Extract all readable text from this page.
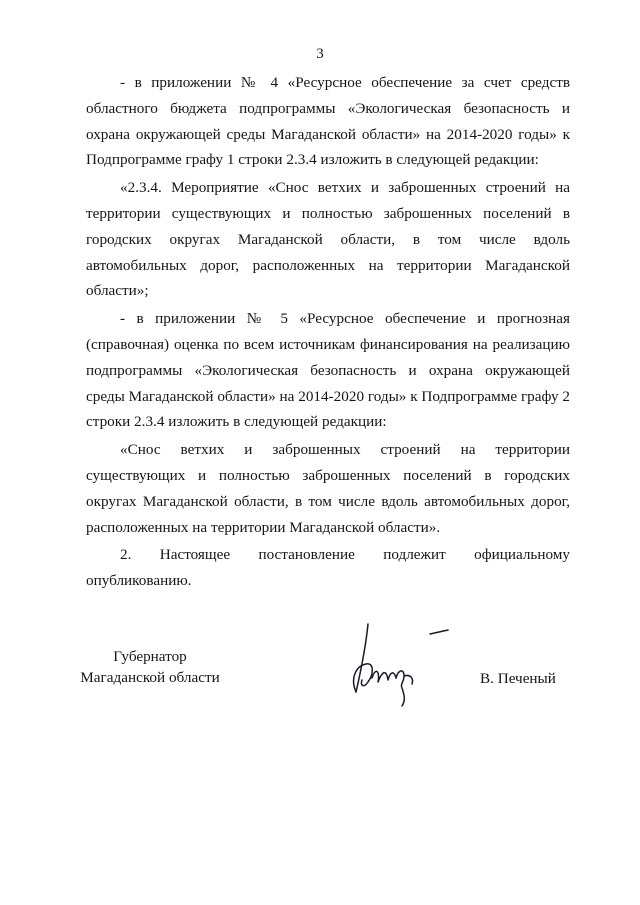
3

- в приложении № 4 «Ресурсное обеспечение за счет средств областного бюджета подпрограммы «Экологическая безопасность и охрана окружающей среды Магаданской области» на 2014-2020 годы» к Подпрограмме графу 1 строки 2.3.4 изложить в следующей редакции:

«2.3.4. Мероприятие «Снос ветхих и заброшенных строений на территории существующих и полностью заброшенных поселений в городских округах Магаданской области, в том числе вдоль автомобильных дорог, расположенных на территории Магаданской области»;

- в приложении № 5 «Ресурсное обеспечение и прогнозная (справочная) оценка по всем источникам финансирования на реализацию подпрограммы «Экологическая безопасность и охрана окружающей среды Магаданской области» на 2014-2020 годы» к Подпрограмме графу 2 строки 2.3.4 изложить в следующей редакции:

«Снос ветхих и заброшенных строений на территории существующих и полностью заброшенных поселений в городских округах Магаданской области, в том числе вдоль автомобильных дорог, расположенных на территории Магаданской области».

2. Настоящее постановление подлежит официальному опубликованию.

Губернатор
Магаданской области	В. Печеный
